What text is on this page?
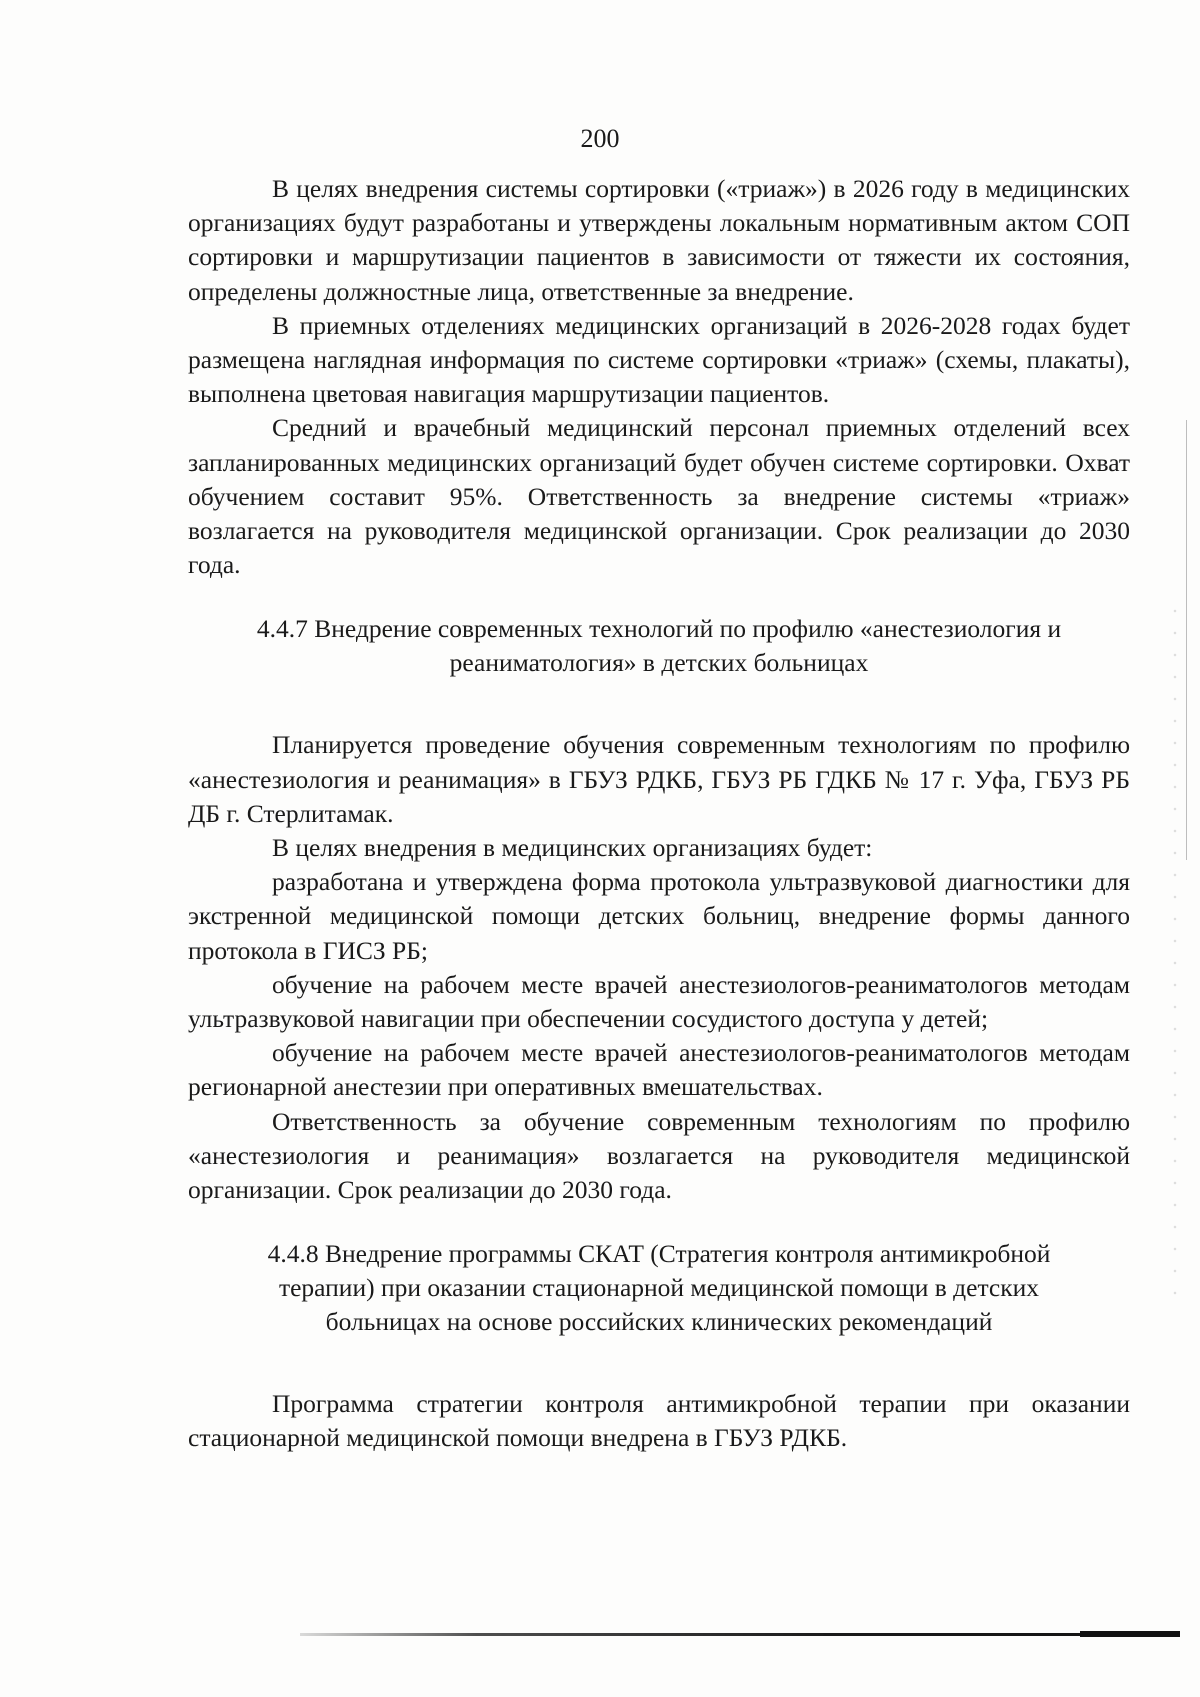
200

В целях внедрения системы сортировки («триаж») в 2026 году в медицинских организациях будут разработаны и утверждены локальным нормативным актом СОП сортировки и маршрутизации пациентов в зависимости от тяжести их состояния, определены должностные лица, ответственные за внедрение.

В приемных отделениях медицинских организаций в 2026-2028 годах будет размещена наглядная информация по системе сортировки «триаж» (схемы, плакаты), выполнена цветовая навигация маршрутизации пациентов.

Средний и врачебный медицинский персонал приемных отделений всех запланированных медицинских организаций будет обучен системе сортировки. Охват обучением составит 95%. Ответственность за внедрение системы «триаж» возлагается на руководителя медицинской организации. Срок реализации до 2030 года.

4.4.7 Внедрение современных технологий по профилю «анестезиология и

реаниматология» в детских больницах

Планируется проведение обучения современным технологиям по профилю «анестезиология и реанимация» в ГБУЗ РДКБ, ГБУЗ РБ ГДКБ № 17 г. Уфа, ГБУЗ РБ ДБ г. Стерлитамак.

В целях внедрения в медицинских организациях будет:

разработана и утверждена форма протокола ультразвуковой диагностики для экстренной медицинской помощи детских больниц, внедрение формы данного протокола в ГИСЗ РБ;

обучение на рабочем месте врачей анестезиологов-реаниматологов методам ультразвуковой навигации при обеспечении сосудистого доступа у детей;

обучение на рабочем месте врачей анестезиологов-реаниматологов методам регионарной анестезии при оперативных вмешательствах.

Ответственность за обучение современным технологиям по профилю «анестезиология и реанимация» возлагается на руководителя медицинской организации. Срок реализации до 2030 года.

4.4.8 Внедрение программы СКАТ (Стратегия контроля антимикробной

терапии) при оказании стационарной медицинской помощи в детских

больницах на основе российских клинических рекомендаций

Программа стратегии контроля антимикробной терапии при оказании стационарной медицинской помощи внедрена в ГБУЗ РДКБ.
